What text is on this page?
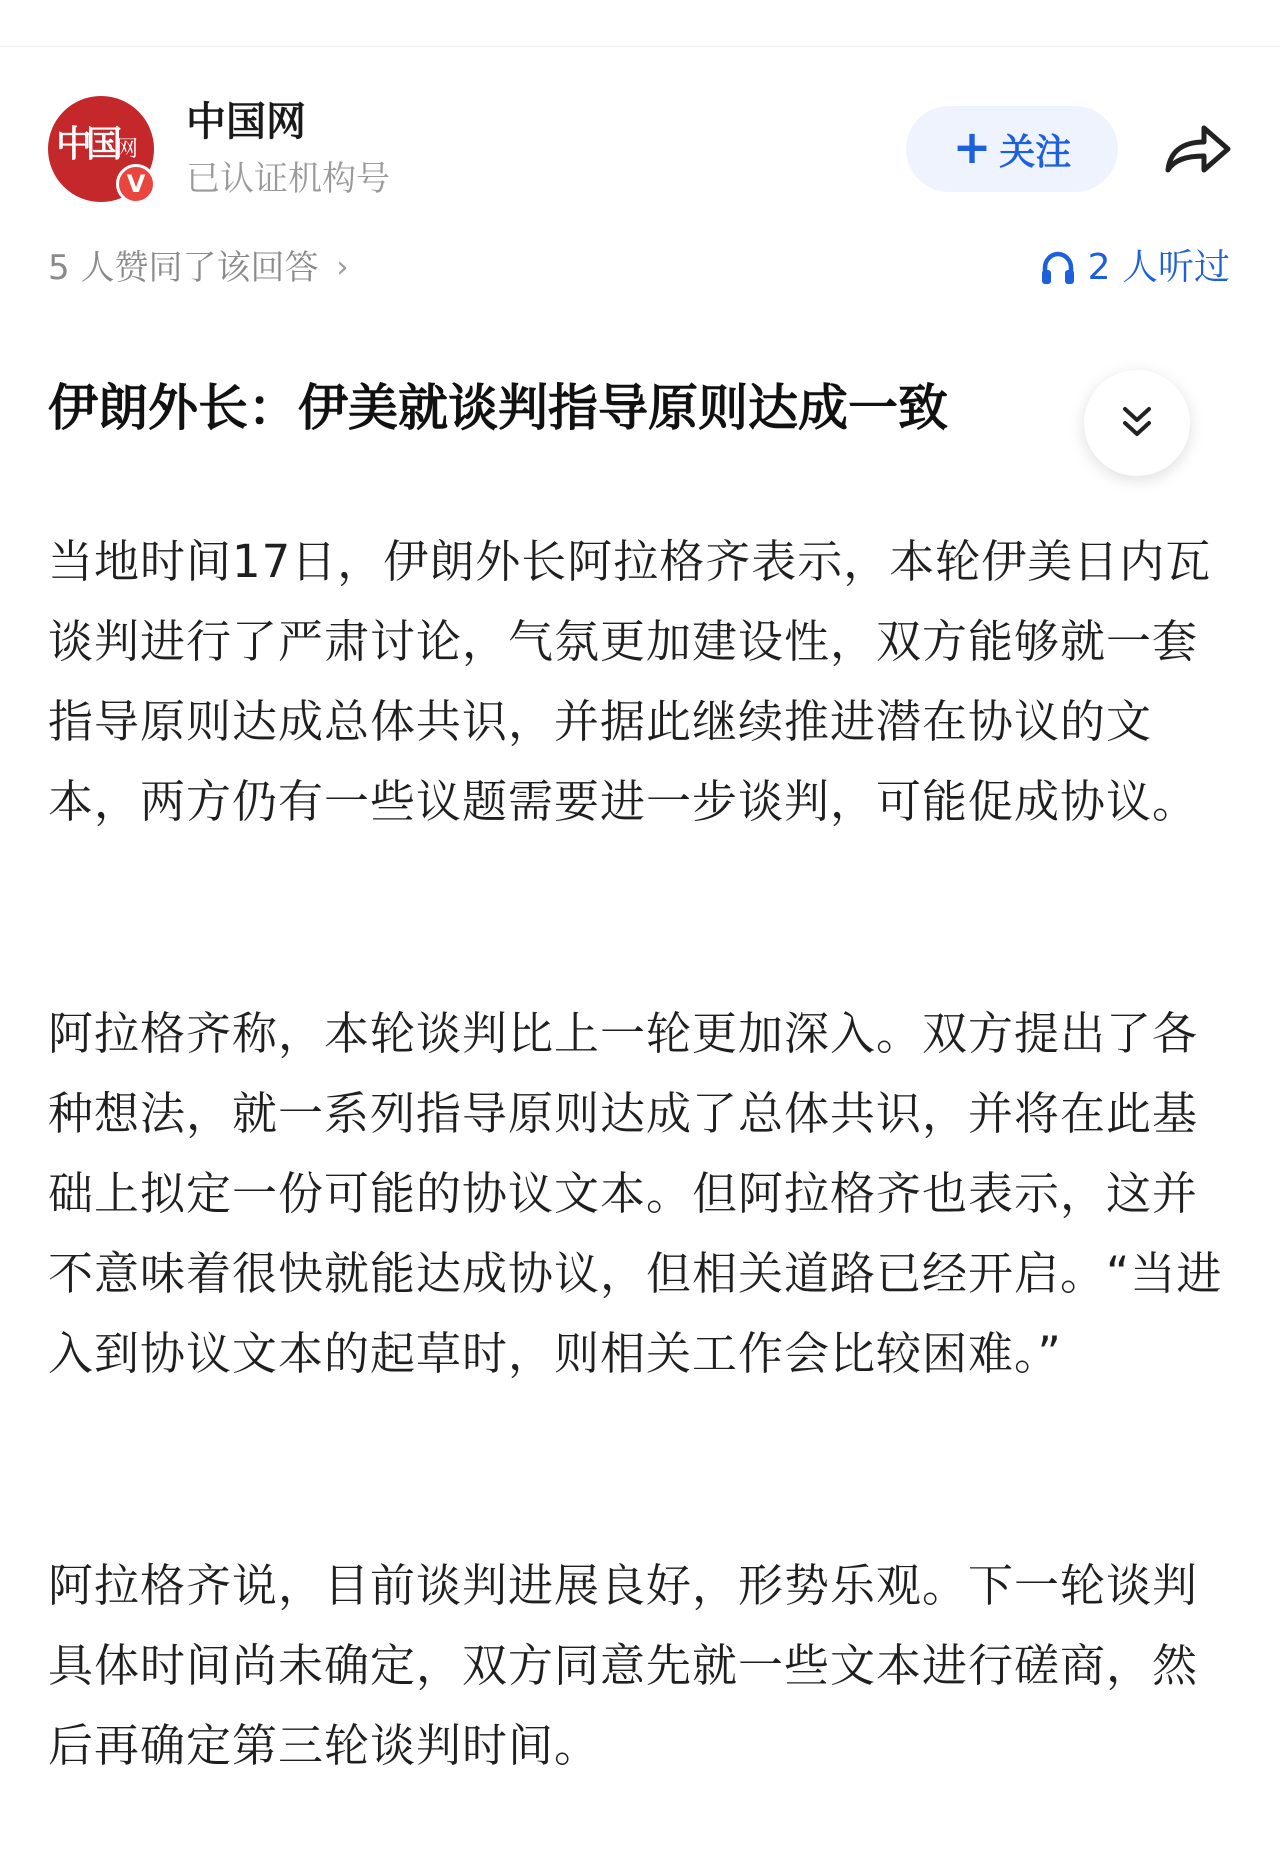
中国网
V
中国网
已认证机构号
+ 关注
5 人赞同了该回答 ›	2 人听过
伊朗外长：伊美就谈判指导原则达成一致

当地时间17日，伊朗外长阿拉格齐表示，本轮伊美日内瓦谈判进行了严肃讨论，气氛更加建设性，双方能够就一套指导原则达成总体共识，并据此继续推进潜在协议的文本，两方仍有一些议题需要进一步谈判，可能促成协议。

阿拉格齐称，本轮谈判比上一轮更加深入。双方提出了各种想法，就一系列指导原则达成了总体共识，并将在此基础上拟定一份可能的协议文本。但阿拉格齐也表示，这并不意味着很快就能达成协议，但相关道路已经开启。“当进入到协议文本的起草时，则相关工作会比较困难。”

阿拉格齐说，目前谈判进展良好，形势乐观。下一轮谈判具体时间尚未确定，双方同意先就一些文本进行磋商，然后再确定第三轮谈判时间。
